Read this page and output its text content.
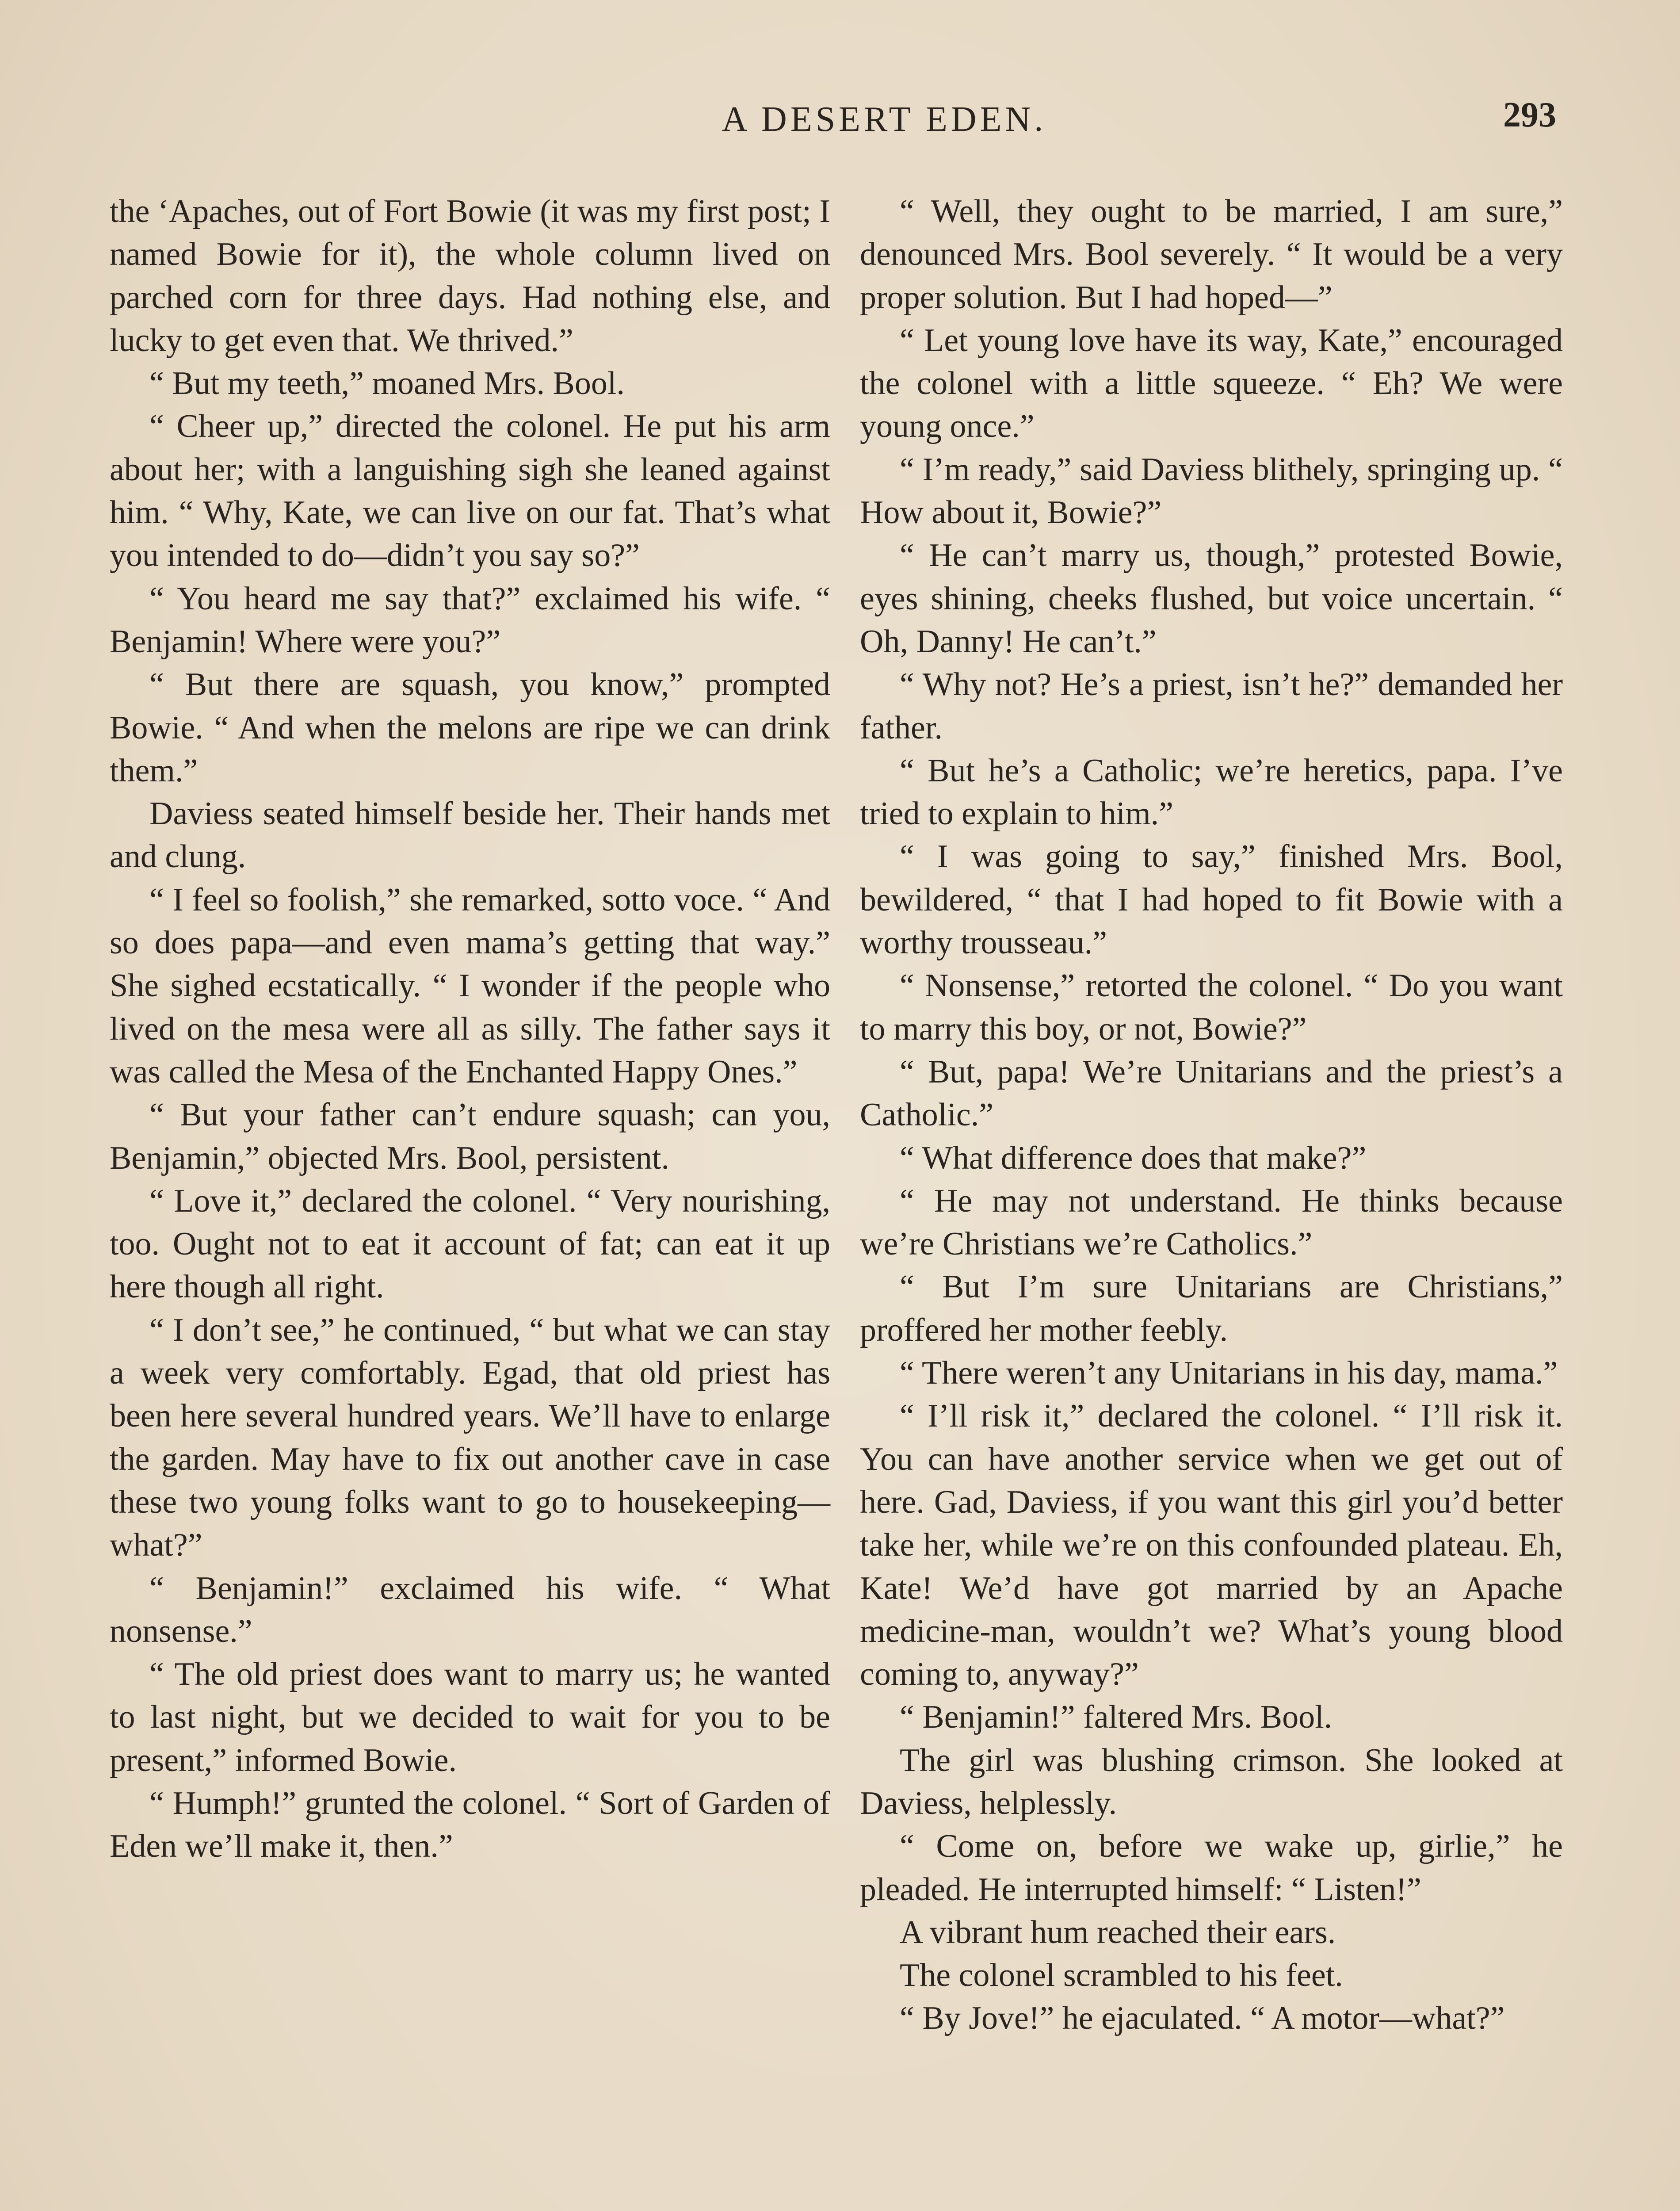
A DESERT EDEN.	293

the ‘Apaches, out of Fort Bowie (it was my first post; I named Bowie for it), the whole column lived on parched corn for three days. Had nothing else, and lucky to get even that. We thrived.”

“ But my teeth,” moaned Mrs. Bool.

“ Cheer up,” directed the colonel. He put his arm about her; with a languishing sigh she leaned against him. “ Why, Kate, we can live on our fat. That’s what you intended to do—didn’t you say so?”

“ You heard me say that?” exclaimed his wife. “ Benjamin! Where were you?”

“ But there are squash, you know,” prompted Bowie. “ And when the melons are ripe we can drink them.”

Daviess seated himself beside her. Their hands met and clung.

“ I feel so foolish,” she remarked, sotto voce. “ And so does papa—and even mama’s getting that way.” She sighed ecstatically. “ I wonder if the people who lived on the mesa were all as silly. The father says it was called the Mesa of the Enchanted Happy Ones.”

“ But your father can’t endure squash; can you, Benjamin,” objected Mrs. Bool, persistent.

“ Love it,” declared the colonel. “ Very nourishing, too. Ought not to eat it account of fat; can eat it up here though all right.

“ I don’t see,” he continued, “ but what we can stay a week very comfortably. Egad, that old priest has been here several hundred years. We’ll have to enlarge the garden. May have to fix out another cave in case these two young folks want to go to housekeeping—what?”

“ Benjamin!” exclaimed his wife. “ What nonsense.”

“ The old priest does want to marry us; he wanted to last night, but we decided to wait for you to be present,” informed Bowie.

“ Humph!” grunted the colonel. “ Sort of Garden of Eden we’ll make it, then.”

“ Well, they ought to be married, I am sure,” denounced Mrs. Bool severely. “ It would be a very proper solution. But I had hoped—”

“ Let young love have its way, Kate,” encouraged the colonel with a little squeeze. “ Eh? We were young once.”

“ I’m ready,” said Daviess blithely, springing up. “ How about it, Bowie?”

“ He can’t marry us, though,” protested Bowie, eyes shining, cheeks flushed, but voice uncertain. “ Oh, Danny! He can’t.”

“ Why not? He’s a priest, isn’t he?” demanded her father.

“ But he’s a Catholic; we’re heretics, papa. I’ve tried to explain to him.”

“ I was going to say,” finished Mrs. Bool, bewildered, “ that I had hoped to fit Bowie with a worthy trousseau.”

“ Nonsense,” retorted the colonel. “ Do you want to marry this boy, or not, Bowie?”

“ But, papa! We’re Unitarians and the priest’s a Catholic.”

“ What difference does that make?”

“ He may not understand. He thinks because we’re Christians we’re Catholics.”

“ But I’m sure Unitarians are Christians,” proffered her mother feebly.

“ There weren’t any Unitarians in his day, mama.”

“ I’ll risk it,” declared the colonel. “ I’ll risk it. You can have another service when we get out of here. Gad, Daviess, if you want this girl you’d better take her, while we’re on this confounded plateau. Eh, Kate! We’d have got married by an Apache medicine-man, wouldn’t we? What’s young blood coming to, anyway?”

“ Benjamin!” faltered Mrs. Bool.

The girl was blushing crimson. She looked at Daviess, helplessly.

“ Come on, before we wake up, girlie,” he pleaded. He interrupted himself: “ Listen!”

A vibrant hum reached their ears.

The colonel scrambled to his feet.

“ By Jove!” he ejaculated. “ A motor—what?”
